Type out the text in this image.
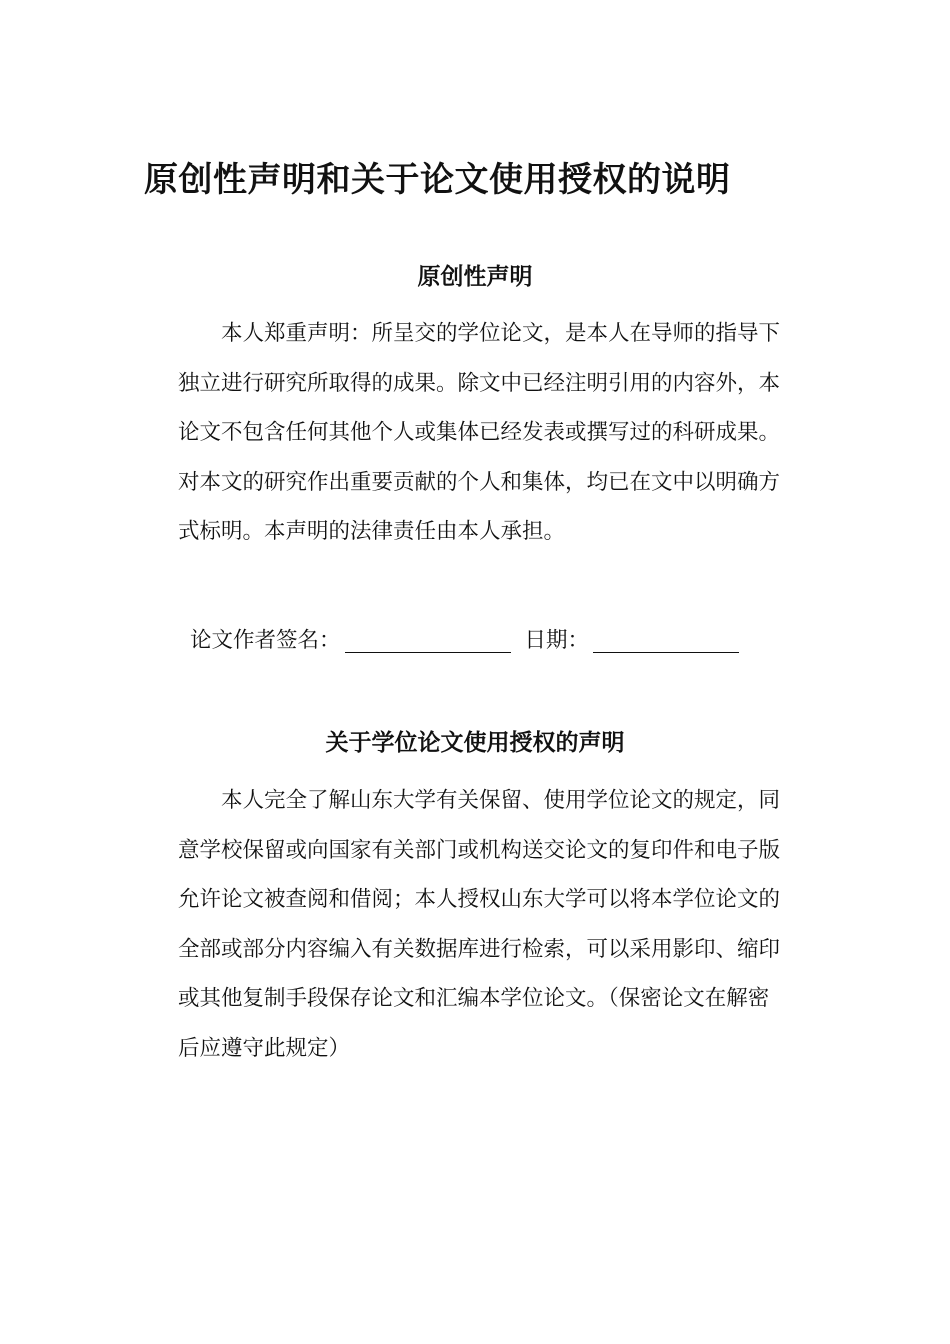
原创性声明和关于论文使用授权的说明
原创性声明
本人郑重声明：所呈交的学位论文，是本人在导师的指导下
独立进行研究所取得的成果。除文中已经注明引用的内容外，本
论文不包含任何其他个人或集体已经发表或撰写过的科研成果。
对本文的研究作出重要贡献的个人和集体，均已在文中以明确方
式标明。本声明的法律责任由本人承担。
论文作者签名：	日期：
关于学位论文使用授权的声明
本人完全了解山东大学有关保留、使用学位论文的规定，同
意学校保留或向国家有关部门或机构送交论文的复印件和电子版
允许论文被查阅和借阅；本人授权山东大学可以将本学位论文的
全部或部分内容编入有关数据库进行检索，可以采用影印、缩印
或其他复制手段保存论文和汇编本学位论文。（保密论文在解密
后应遵守此规定）
